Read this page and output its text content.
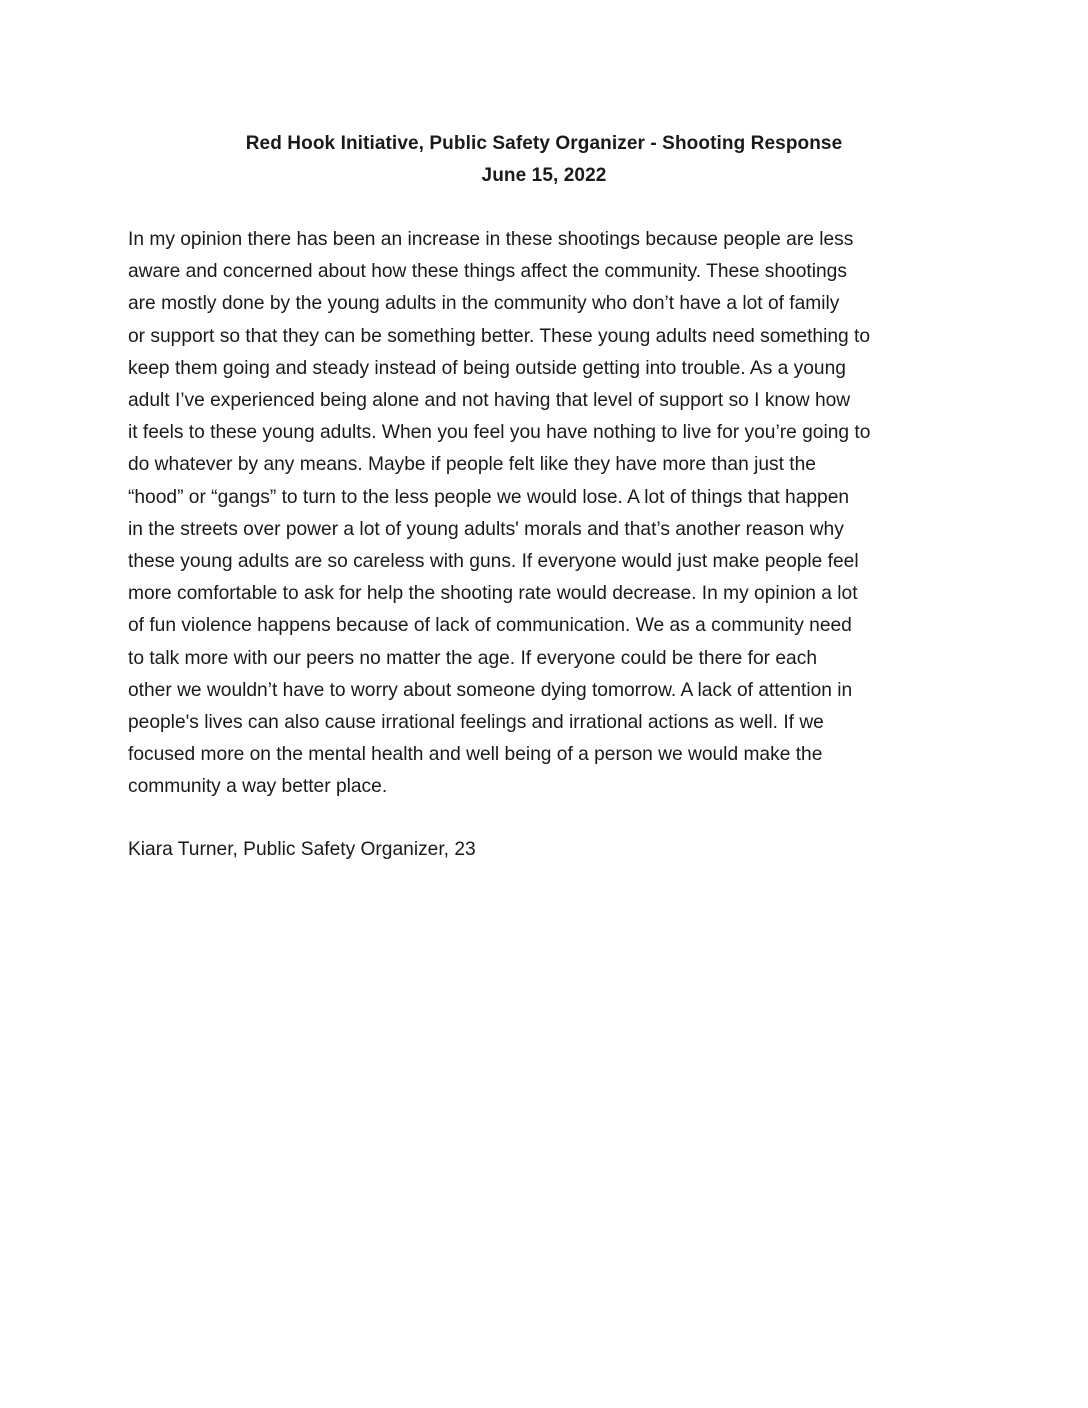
Red Hook Initiative, Public Safety Organizer - Shooting Response
June 15, 2022
In my opinion there has been an increase in these shootings because people are less
aware and concerned about how these things affect the community. These shootings
are mostly done by the young adults in the community who don’t have a lot of family
or support so that they can be something better. These young adults need something to
keep them going and steady instead of being outside getting into trouble. As a young
adult I’ve experienced being alone and not having that level of support so I know how
it feels to these young adults. When you feel you have nothing to live for you’re going to
do whatever by any means. Maybe if people felt like they have more than just the
“hood” or “gangs” to turn to the less people we would lose. A lot of things that happen
in the streets over power a lot of young adults' morals and that’s another reason why
these young adults are so careless with guns. If everyone would just make people feel
more comfortable to ask for help the shooting rate would decrease. In my opinion a lot
of fun violence happens because of lack of communication. We as a community need
to talk more with our peers no matter the age. If everyone could be there for each
other we wouldn’t have to worry about someone dying tomorrow. A lack of attention in
people's lives can also cause irrational feelings and irrational actions as well. If we
focused more on the mental health and well being of a person we would make the
community a way better place.
Kiara Turner, Public Safety Organizer, 23
